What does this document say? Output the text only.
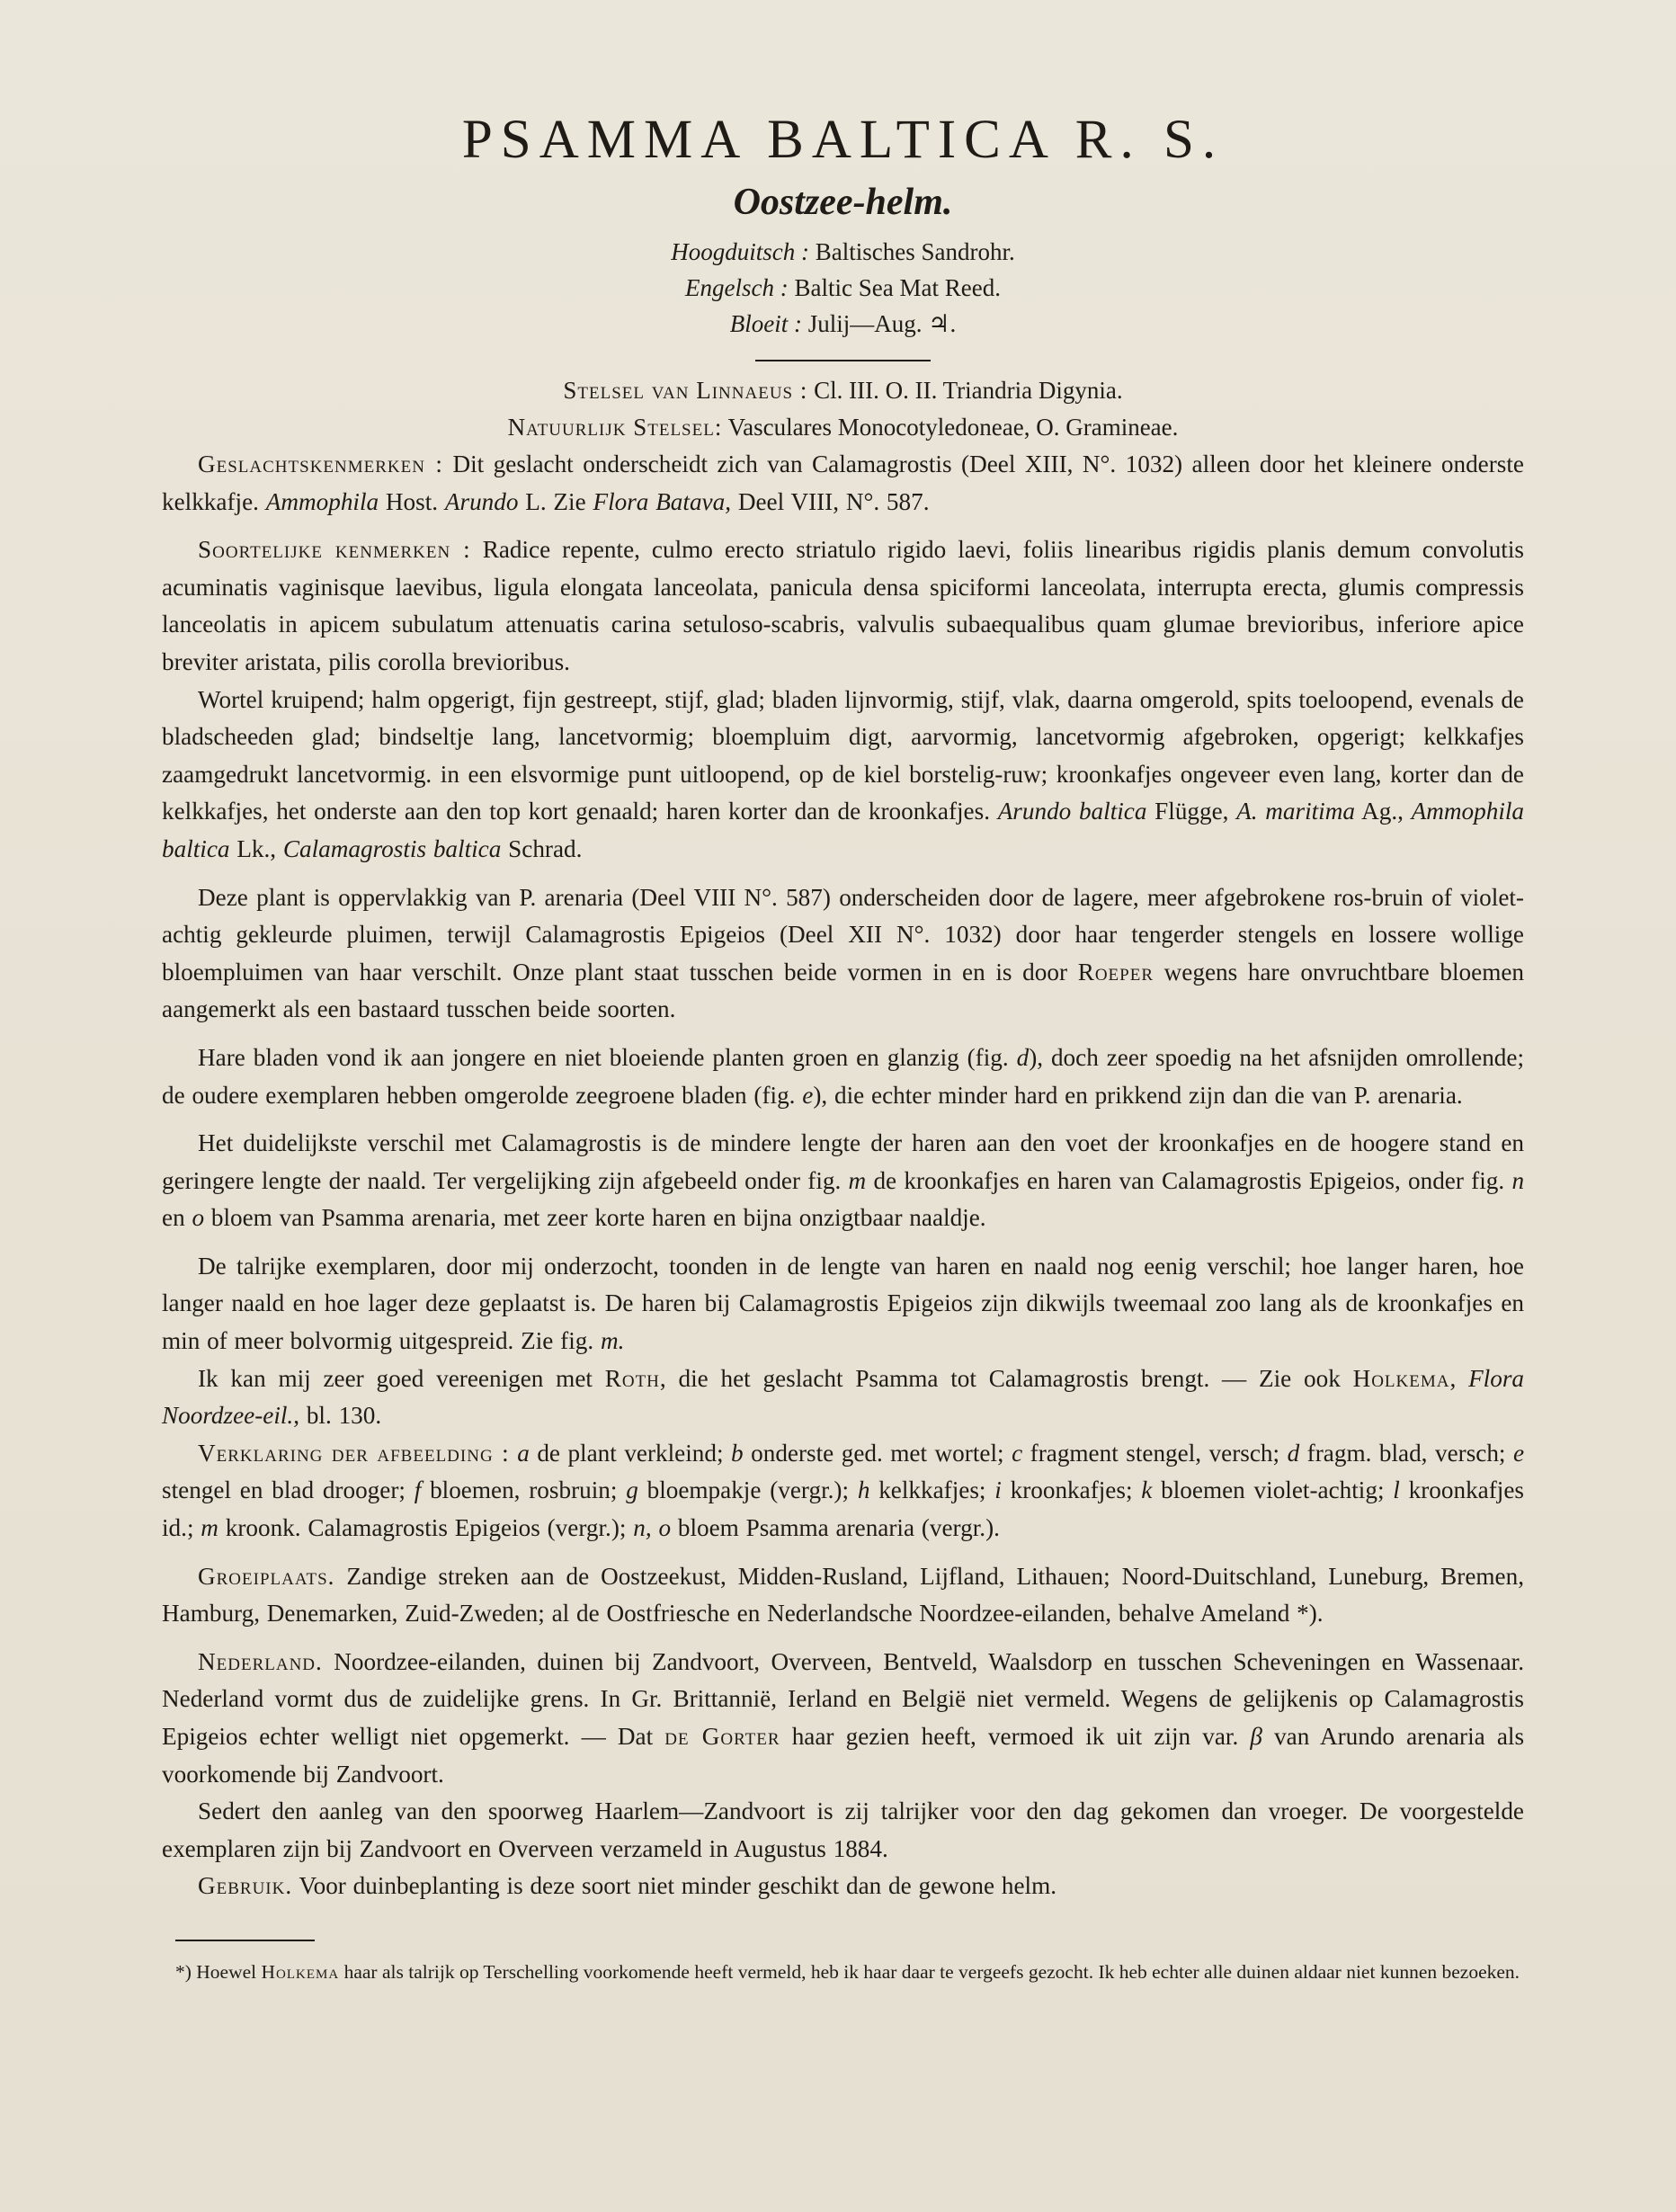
PSAMMA BALTICA R. S.
Oostzee-helm.
Hoogduitsch : Baltisches Sandrohr.
Engelsch : Baltic Sea Mat Reed.
Bloeit : Julij—Aug. ♃.
Stelsel van Linnaeus : Cl. III. O. II. Triandria Digynia.
Natuurlijk Stelsel: Vasculares Monocotyledoneae, O. Gramineae.

Geslachtskenmerken : Dit geslacht onderscheidt zich van Calamagrostis (Deel XIII, N°. 1032) alleen door het kleinere onderste kelkkafje. Ammophila Host. Arundo L. Zie Flora Batava, Deel VIII, N°. 587.

Soortelijke kenmerken : Radice repente, culmo erecto striatulo rigido laevi, foliis linearibus rigidis planis demum convolutis acuminatis vaginisque laevibus, ligula elongata lanceolata, panicula densa spiciformi lanceolata, interrupta erecta, glumis compressis lanceolatis in apicem subulatum attenuatis carina setuloso-scabris, valvulis subaequalibus quam glumae brevioribus, inferiore apice breviter aristata, pilis corolla brevioribus.

Wortel kruipend; halm opgerigt, fijn gestreept, stijf, glad; bladen lijnvormig, stijf, vlak, daarna omgerold, spits toeloopend, evenals de bladscheeden glad; bindseltje lang, lancetvormig; bloempluim digt, aarvormig, lancetvormig afgebroken, opgerigt; kelkkafjes zaamgedrukt lancetvormig. in een elsvormige punt uitloopend, op de kiel borstelig-ruw; kroonkafjes ongeveer even lang, korter dan de kelkkafjes, het onderste aan den top kort genaald; haren korter dan de kroonkafjes. Arundo baltica Flügge, A. maritima Ag., Ammophila baltica Lk., Calamagrostis baltica Schrad.

Deze plant is oppervlakkig van P. arenaria (Deel VIII N°. 587) onderscheiden door de lagere, meer afgebrokene ros-bruin of violet-achtig gekleurde pluimen, terwijl Calamagrostis Epigeios (Deel XII N°. 1032) door haar tengerder stengels en lossere wollige bloempluimen van haar verschilt. Onze plant staat tusschen beide vormen in en is door Roeper wegens hare onvruchtbare bloemen aangemerkt als een bastaard tusschen beide soorten.

Hare bladen vond ik aan jongere en niet bloeiende planten groen en glanzig (fig. d), doch zeer spoedig na het afsnijden omrollende; de oudere exemplaren hebben omgerolde zeegroene bladen (fig. e), die echter minder hard en prikkend zijn dan die van P. arenaria.

Het duidelijkste verschil met Calamagrostis is de mindere lengte der haren aan den voet der kroonkafjes en de hoogere stand en geringere lengte der naald. Ter vergelijking zijn afgebeeld onder fig. m de kroonkafjes en haren van Calamagrostis Epigeios, onder fig. n en o bloem van Psamma arenaria, met zeer korte haren en bijna onzigtbaar naaldje.

De talrijke exemplaren, door mij onderzocht, toonden in de lengte van haren en naald nog eenig verschil; hoe langer haren, hoe langer naald en hoe lager deze geplaatst is. De haren bij Calamagrostis Epigeios zijn dikwijls tweemaal zoo lang als de kroonkafjes en min of meer bolvormig uitgespreid. Zie fig. m.

Ik kan mij zeer goed vereenigen met Roth, die het geslacht Psamma tot Calamagrostis brengt. — Zie ook Holkema, Flora Noordzee-eil., bl. 130.

Verklaring der afbeelding : a de plant verkleind; b onderste ged. met wortel; c fragment stengel, versch; d fragm. blad, versch; e stengel en blad drooger; f bloemen, rosbruin; g bloempakje (vergr.); h kelkkafjes; i kroonkafjes; k bloemen violet-achtig; l kroonkafjes id.; m kroonk. Calamagrostis Epigeios (vergr.); n, o bloem Psamma arenaria (vergr.).

Groeiplaats. Zandige streken aan de Oostzeekust, Midden-Rusland, Lijfland, Lithauen; Noord-Duitschland, Luneburg, Bremen, Hamburg, Denemarken, Zuid-Zweden; al de Oostfriesche en Nederlandsche Noordzee-eilanden, behalve Ameland *).

Nederland. Noordzee-eilanden, duinen bij Zandvoort, Overveen, Bentveld, Waalsdorp en tusschen Scheveningen en Wassenaar. Nederland vormt dus de zuidelijke grens. In Gr. Brittannië, Ierland en België niet vermeld. Wegens de gelijkenis op Calamagrostis Epigeios echter welligt niet opgemerkt. — Dat de Gorter haar gezien heeft, vermoed ik uit zijn var. β van Arundo arenaria als voorkomende bij Zandvoort.

Sedert den aanleg van den spoorweg Haarlem—Zandvoort is zij talrijker voor den dag gekomen dan vroeger. De voorgestelde exemplaren zijn bij Zandvoort en Overveen verzameld in Augustus 1884.

Gebruik. Voor duinbeplanting is deze soort niet minder geschikt dan de gewone helm.

*) Hoewel Holkema haar als talrijk op Terschelling voorkomende heeft vermeld, heb ik haar daar te vergeefs gezocht. Ik heb echter alle duinen aldaar niet kunnen bezoeken.
